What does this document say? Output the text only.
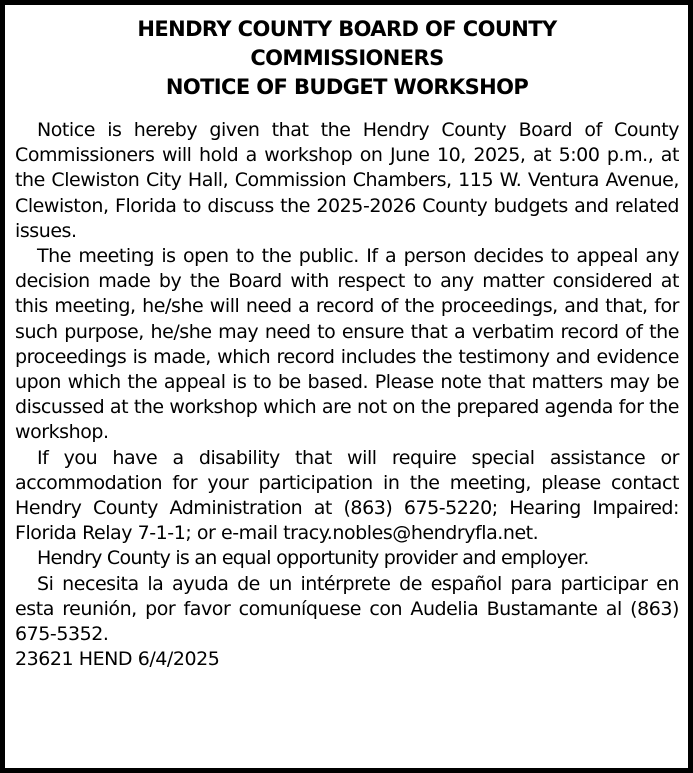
HENDRY COUNTY BOARD OF COUNTY
COMMISSIONERS
NOTICE OF BUDGET WORKSHOP

Notice is hereby given that the Hendry County Board of County Commissioners will hold a workshop on June 10, 2025, at 5:00 p.m., at the Clewiston City Hall, Commission Chambers, 115 W. Ventura Avenue, Clewiston, Florida to discuss the 2025-2026 County budgets and related issues.

The meeting is open to the public. If a person decides to appeal any decision made by the Board with respect to any matter considered at this meeting, he/she will need a record of the proceedings, and that, for such purpose, he/she may need to ensure that a verbatim record of the proceedings is made, which record includes the testimony and evidence upon which the appeal is to be based. Please note that matters may be discussed at the workshop which are not on the prepared agenda for the workshop.

If you have a disability that will require special assistance or accommodation for your participation in the meeting, please contact Hendry County Administration at (863) 675-5220; Hearing Impaired: Florida Relay 7-1-1; or e-mail tracy.nobles@hendryfla.net.

Hendry County is an equal opportunity provider and employer.

Si necesita la ayuda de un intérprete de español para participar en esta reunión, por favor comuníquese con Audelia Bustamante al (863) 675-5352.

23621 HEND 6/4/2025
